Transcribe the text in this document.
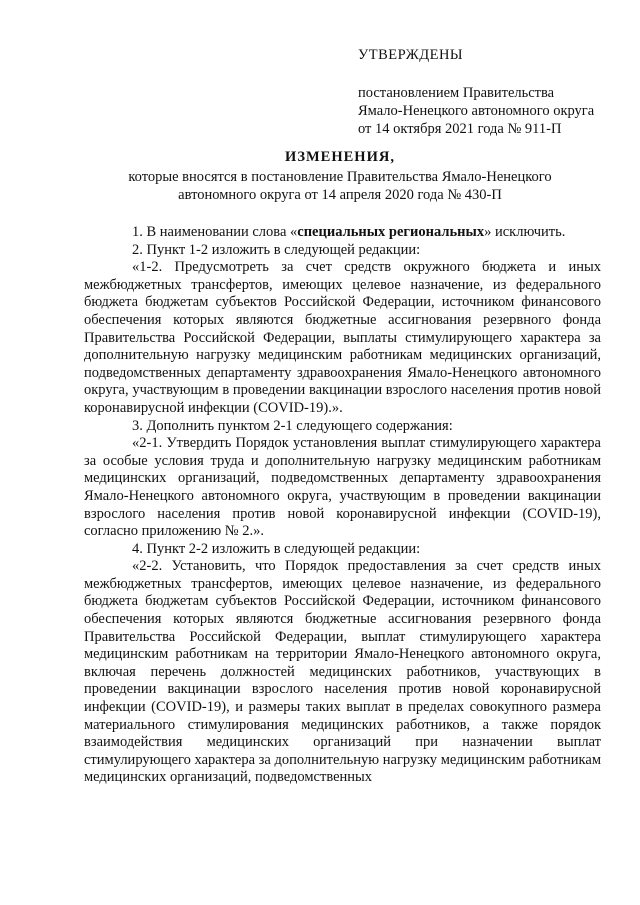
УТВЕРЖДЕНЫ

постановлением Правительства

Ямало-Ненецкого автономного округа

от 14 октября 2021 года № 911-П

ИЗМЕНЕНИЯ,

которые вносятся в постановление Правительства Ямало-Ненецкого автономного округа от 14 апреля 2020 года № 430-П

1. В наименовании слова «специальных региональных» исключить.

2. Пункт 1-2 изложить в следующей редакции:

«1-2. Предусмотреть за счет средств окружного бюджета и иных межбюджетных трансфертов, имеющих целевое назначение, из федерального бюджета бюджетам субъектов Российской Федерации, источником финансового обеспечения которых являются бюджетные ассигнования резервного фонда Правительства Российской Федерации, выплаты стимулирующего характера за дополнительную нагрузку медицинским работникам медицинских организаций, подведомственных департаменту здравоохранения Ямало-Ненецкого автономного округа, участвующим в проведении вакцинации взрослого населения против новой коронавирусной инфекции (COVID-19).».

3. Дополнить пунктом 2-1 следующего содержания:

«2-1. Утвердить Порядок установления выплат стимулирующего характера за особые условия труда и дополнительную нагрузку медицинским работникам медицинских организаций, подведомственных департаменту здравоохранения Ямало-Ненецкого автономного округа, участвующим в проведении вакцинации взрослого населения против новой коронавирусной инфекции (COVID-19), согласно приложению № 2.».

4. Пункт 2-2 изложить в следующей редакции:

«2-2. Установить, что Порядок предоставления за счет средств иных межбюджетных трансфертов, имеющих целевое назначение, из федерального бюджета бюджетам субъектов Российской Федерации, источником финансового обеспечения которых являются бюджетные ассигнования резервного фонда Правительства Российской Федерации, выплат стимулирующего характера медицинским работникам на территории Ямало-Ненецкого автономного округа, включая перечень должностей медицинских работников, участвующих в проведении вакцинации взрослого населения против новой коронавирусной инфекции (COVID-19), и размеры таких выплат в пределах совокупного размера материального стимулирования медицинских работников, а также порядок взаимодействия медицинских организаций при назначении выплат стимулирующего характера за дополнительную нагрузку медицинским работникам медицинских организаций, подведомственных
